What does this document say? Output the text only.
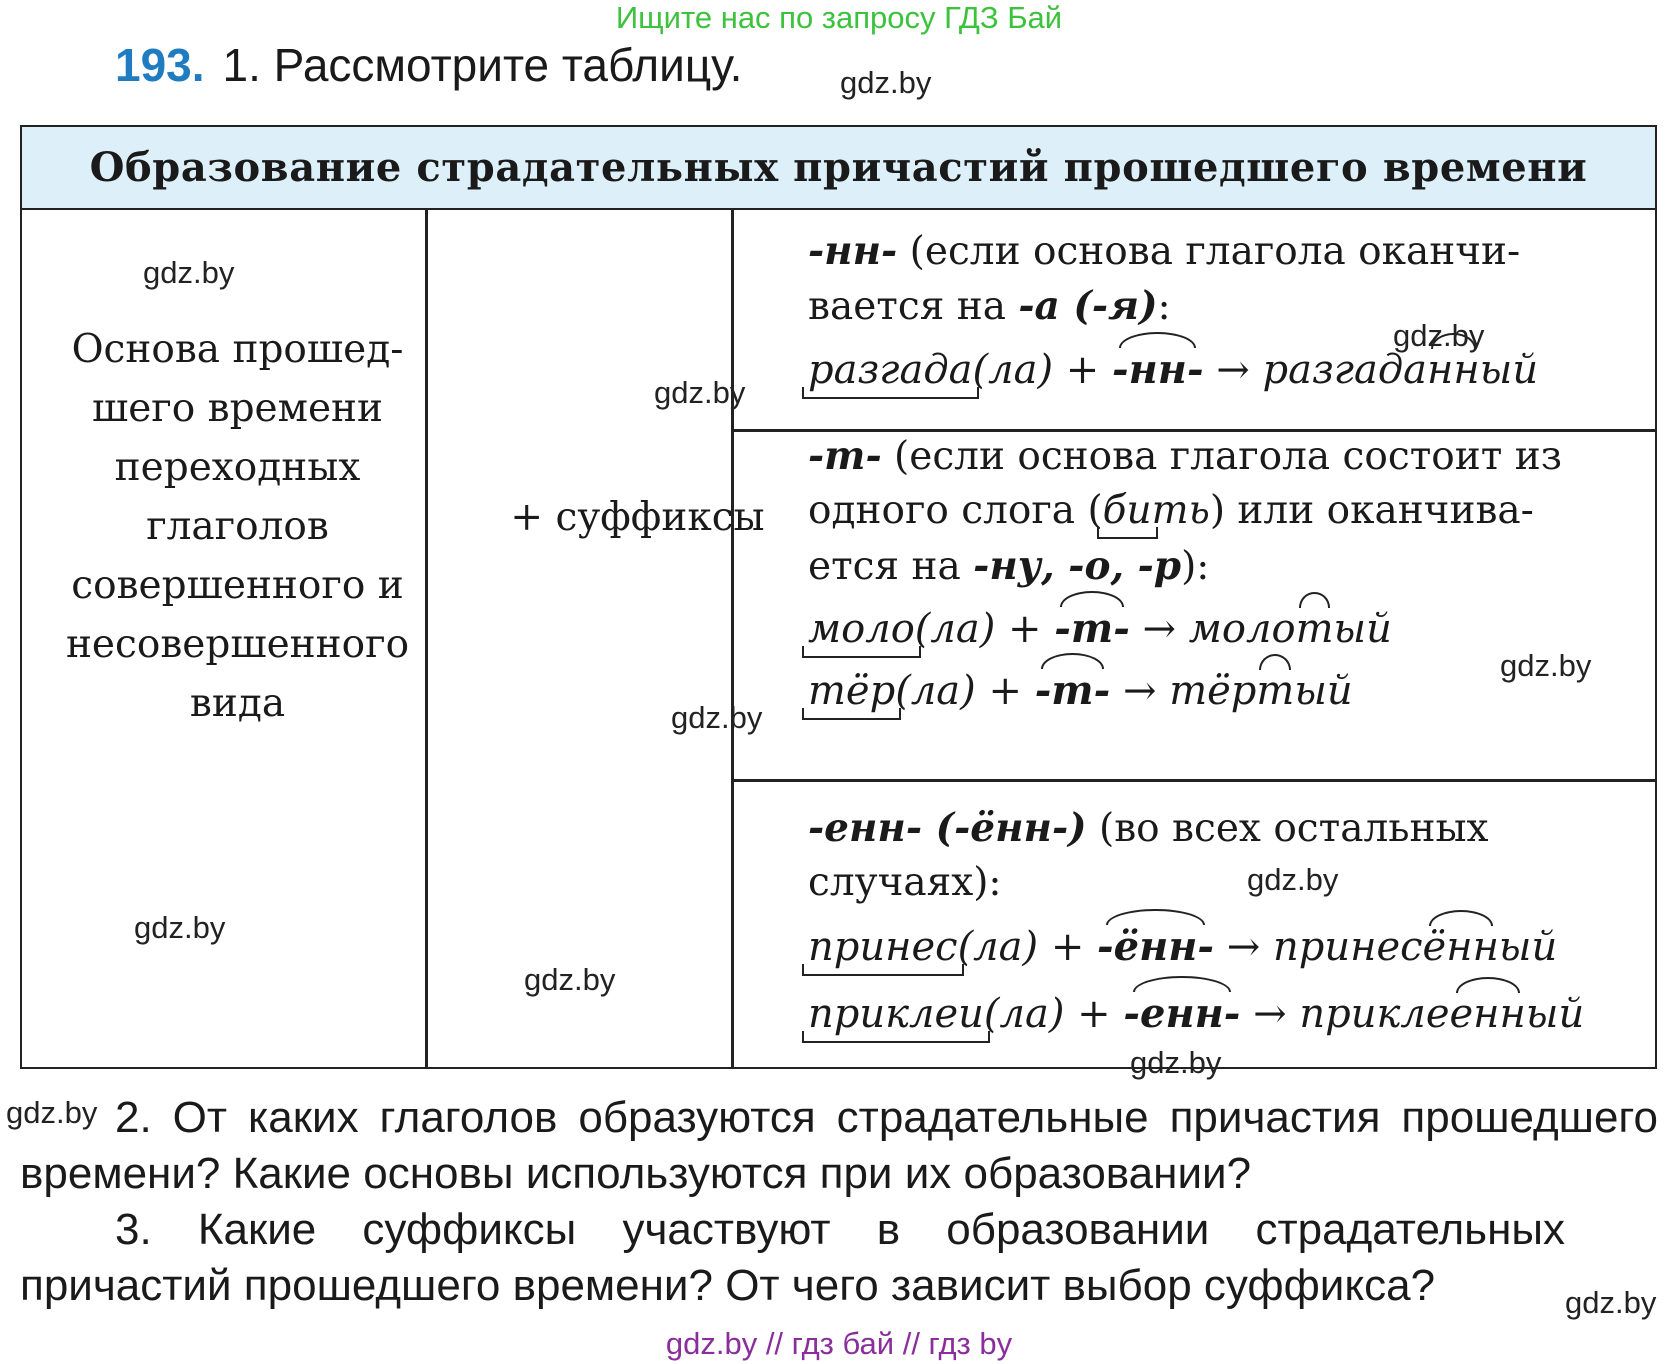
Ищите нас по запросу ГДЗ Бай
193. 1. Рассмотрите таблицу.
Образование страдательных причастий прошедшего времени
Основа прошед-
шего времени
переходных
глаголов
совершенного и
несовершенного
вида
+ суффиксы
-нн- (если основа глагола оканчи-
вается на -а (-я):
разгада(ла) + -нн- → разгаданный
-т- (если основа глагола состоит из
одного слога (бить) или оканчива-
ется на -ну, -о, -р):
моло(ла) + -т- → молотый
тёр(ла) + -т- → тёртый
-енн- (-ённ-) (во всех остальных
случаях):
принес(ла) + -ённ- → принесённый
приклеи(ла) + -енн- → приклеенный
2. От каких глаголов образуются страдательные причастия прошедшего времени? Какие основы используются при их образовании?
3. Какие суффиксы участвуют в образовании страдательных причастий прошедшего времени? От чего зависит выбор суффикса?
gdz.by
gdz.by
gdz.by
gdz.by
gdz.by
gdz.by
gdz.by
gdz.by
gdz.by
gdz.by
gdz.by
gdz.by
gdz.by // гдз бай // гдз by
